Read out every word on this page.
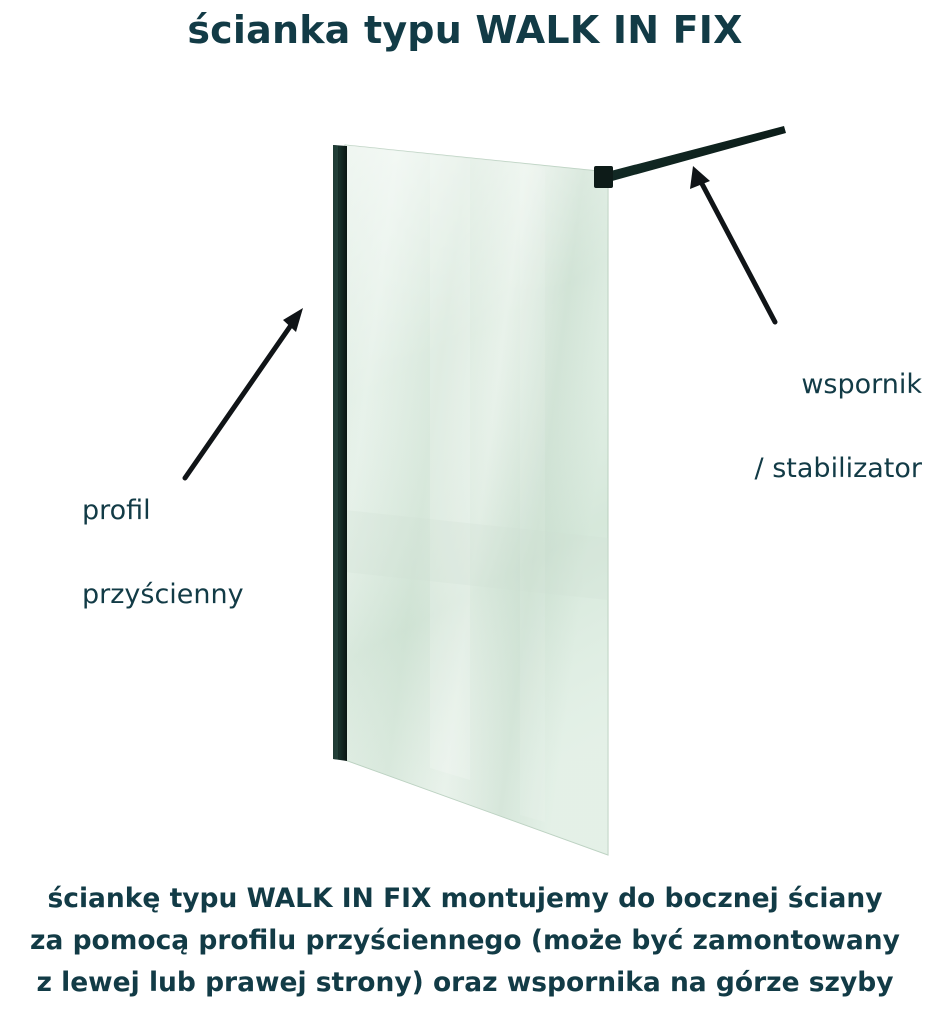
ścianka typu WALK IN FIX

profil

przyścienny

wspornik

/ stabilizator

ściankę typu WALK IN FIX montujemy do bocznej ściany
za pomocą profilu przyściennego (może być zamontowany
z lewej lub prawej strony) oraz wspornika na górze szyby
